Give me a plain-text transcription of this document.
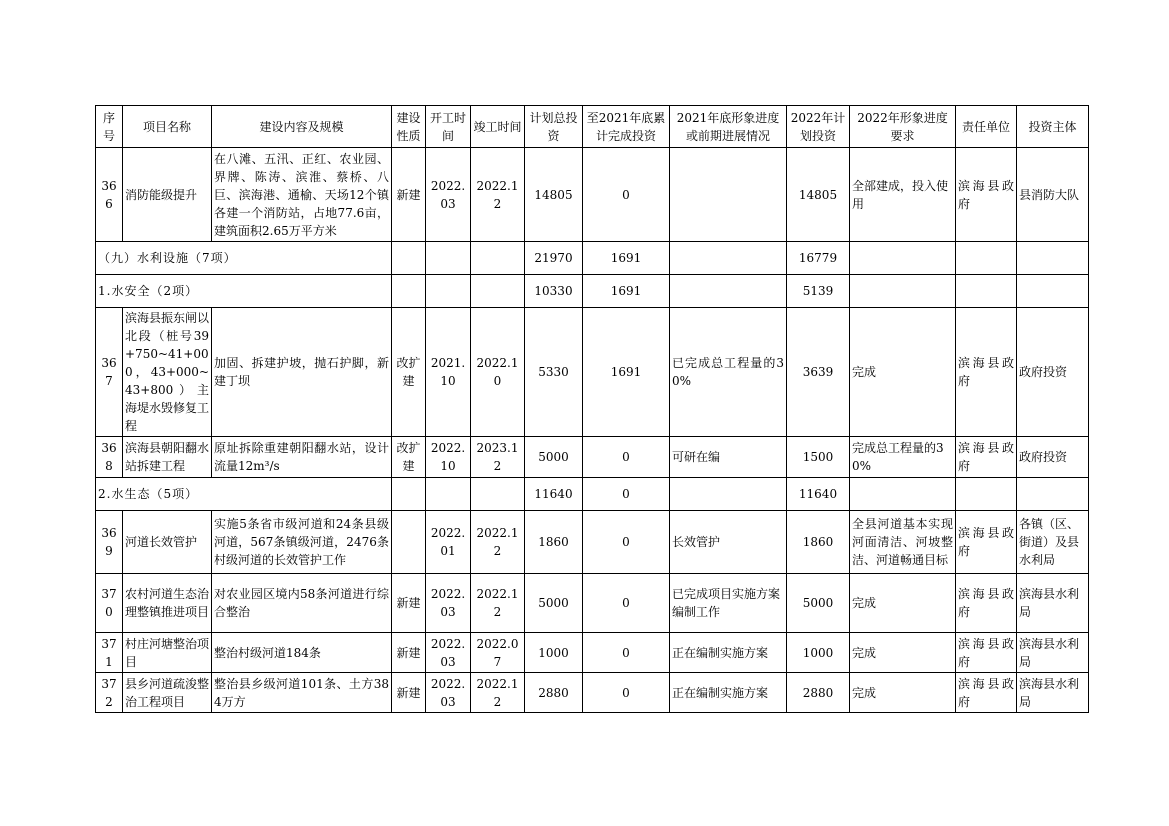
序号	项目名称	建设内容及规模	建设性质	开工时间	竣工时间	计划总投资	至2021年底累计完成投资	2021年底形象进度或前期进展情况	2022年计划投资	2022年形象进度要求	责任单位	投资主体
366	消防能级提升	在八滩、五汛、正红、农业园、界牌、陈涛、滨淮、蔡桥、八巨、滨海港、通榆、天场12个镇各建一个消防站，占地77.6亩，建筑面积2.65万平方米	新建	2022.03	2022.12	14805	0		14805	全部建成，投入使用	滨海县政府	县消防大队
（九）水利设施（7项）						21970	1691		16779			
1.水安全（2项）						10330	1691		5139			
367	滨海县振东闸以北段（桩号39+750~41+000，43+000~43+800）主海堤水毁修复工程	加固、拆建护坡，抛石护脚，新建丁坝	改扩建	2021.10	2022.10	5330	1691	已完成总工程量的30%	3639	完成	滨海县政府	政府投资
368	滨海县朝阳翻水站拆建工程	原址拆除重建朝阳翻水站，设计流量12m³/s	改扩建	2022.10	2023.12	5000	0	可研在编	1500	完成总工程量的30%	滨海县政府	政府投资
2.水生态（5项）						11640	0		11640			
369	河道长效管护	实施5条省市级河道和24条县级河道，567条镇级河道，2476条村级河道的长效管护工作		2022.01	2022.12	1860	0	长效管护	1860	全县河道基本实现河面清洁、河坡整洁、河道畅通目标	滨海县政府	各镇（区、街道）及县水利局
370	农村河道生态治理整镇推进项目	对农业园区境内58条河道进行综合整治	新建	2022.03	2022.12	5000	0	已完成项目实施方案编制工作	5000	完成	滨海县政府	滨海县水利局
371	村庄河塘整治项目	整治村级河道184条	新建	2022.03	2022.07	1000	0	正在编制实施方案	1000	完成	滨海县政府	滨海县水利局
372	县乡河道疏浚整治工程项目	整治县乡级河道101条、土方384万方	新建	2022.03	2022.12	2880	0	正在编制实施方案	2880	完成	滨海县政府	滨海县水利局
